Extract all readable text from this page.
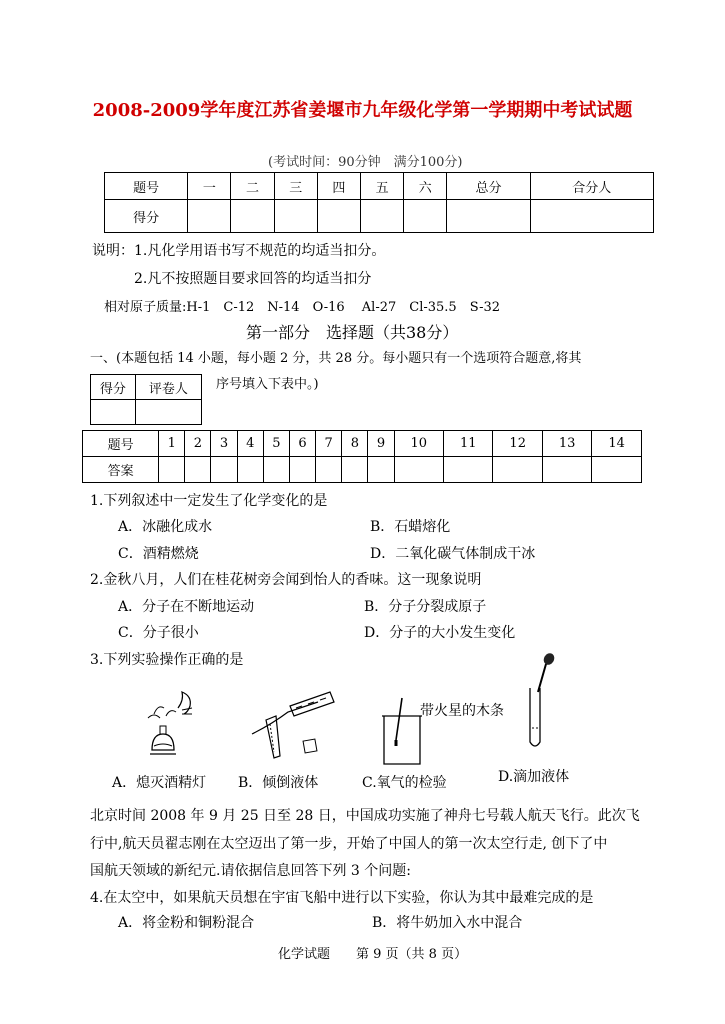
2008-2009学年度江苏省姜堰市九年级化学第一学期期中考试试题
(考试时间：90分钟　满分100分)
题号	一	二	三	四	五	六	总分	合分人
得分								
说明：1.凡化学用语书写不规范的均适当扣分。
2.凡不按照题目要求回答的均适当扣分
相对原子质量:H-1　C-12　N-14　O-16　 Al-27　Cl-35.5　S-32
第一部分　选择题（共38分）
一、(本题包括 14 小题，每小题 2 分，共 28 分。每小题只有一个选项符合题意,将其
序号填入下表中。)
得分	评卷人

题号	1	2	3	4	5	6	7	8	9	10	11	12	13	14
答案														
1.下列叙述中一定发生了化学变化的是
A．冰融化成水	B．石蜡熔化
C．酒精燃烧	D．二氧化碳气体制成干冰
2.金秋八月，人们在桂花树旁会闻到怡人的香味。这一现象说明
A．分子在不断地运动	B．分子分裂成原子
C．分子很小	D．分子的大小发生变化
3.下列实验操作正确的是
A．熄灭酒精灯 B．倾倒液体
带火星的木条
C.氧气的检验	D.滴加液体
北京时间 2008 年 9 月 25 日至 28 日，中国成功实施了神舟七号载人航天飞行。此次飞
行中,航天员翟志刚在太空迈出了第一步，开始了中国人的第一次太空行走, 创下了中
国航天领域的新纪元.请依据信息回答下列 3 个问题:
4.在太空中，如果航天员想在宇宙飞船中进行以下实验，你认为其中最难完成的是
A．将金粉和铜粉混合	B．将牛奶加入水中混合
化学试题　　第 9 页（共 8 页）
